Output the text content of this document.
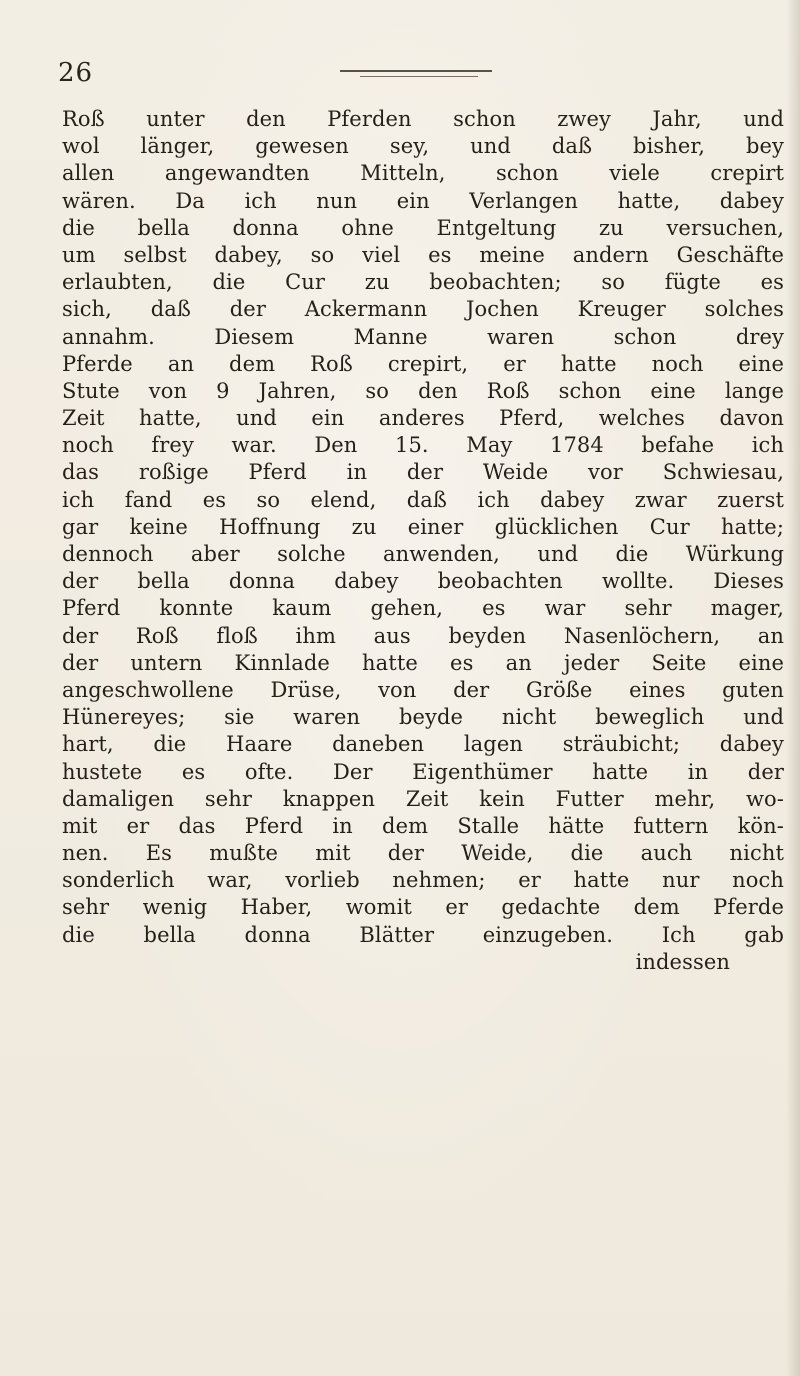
26
Roß unter den Pferden schon zwey Jahr, und
wol länger, gewesen sey, und daß bisher, bey
allen angewandten Mitteln, schon viele crepirt
wären. Da ich nun ein Verlangen hatte, dabey
die bella donna ohne Entgeltung zu versuchen,
um selbst dabey, so viel es meine andern Geschäfte
erlaubten, die Cur zu beobachten; so fügte es
sich, daß der Ackermann Jochen Kreuger solches
annahm. Diesem Manne waren schon drey
Pferde an dem Roß crepirt, er hatte noch eine
Stute von 9 Jahren, so den Roß schon eine lange
Zeit hatte, und ein anderes Pferd, welches davon
noch frey war. Den 15. May 1784 befahe ich
das roßige Pferd in der Weide vor Schwiesau,
ich fand es so elend, daß ich dabey zwar zuerst
gar keine Hoffnung zu einer glücklichen Cur hatte;
dennoch aber solche anwenden, und die Würkung
der bella donna dabey beobachten wollte. Dieses
Pferd konnte kaum gehen, es war sehr mager,
der Roß floß ihm aus beyden Nasenlöchern, an
der untern Kinnlade hatte es an jeder Seite eine
angeschwollene Drüse, von der Größe eines guten
Hünereyes; sie waren beyde nicht beweglich und
hart, die Haare daneben lagen sträubicht; dabey
hustete es ofte. Der Eigenthümer hatte in der
damaligen sehr knappen Zeit kein Futter mehr, wo-
mit er das Pferd in dem Stalle hätte futtern kön-
nen. Es mußte mit der Weide, die auch nicht
sonderlich war, vorlieb nehmen; er hatte nur noch
sehr wenig Haber, womit er gedachte dem Pferde
die bella donna Blätter einzugeben. Ich gab
indessen
